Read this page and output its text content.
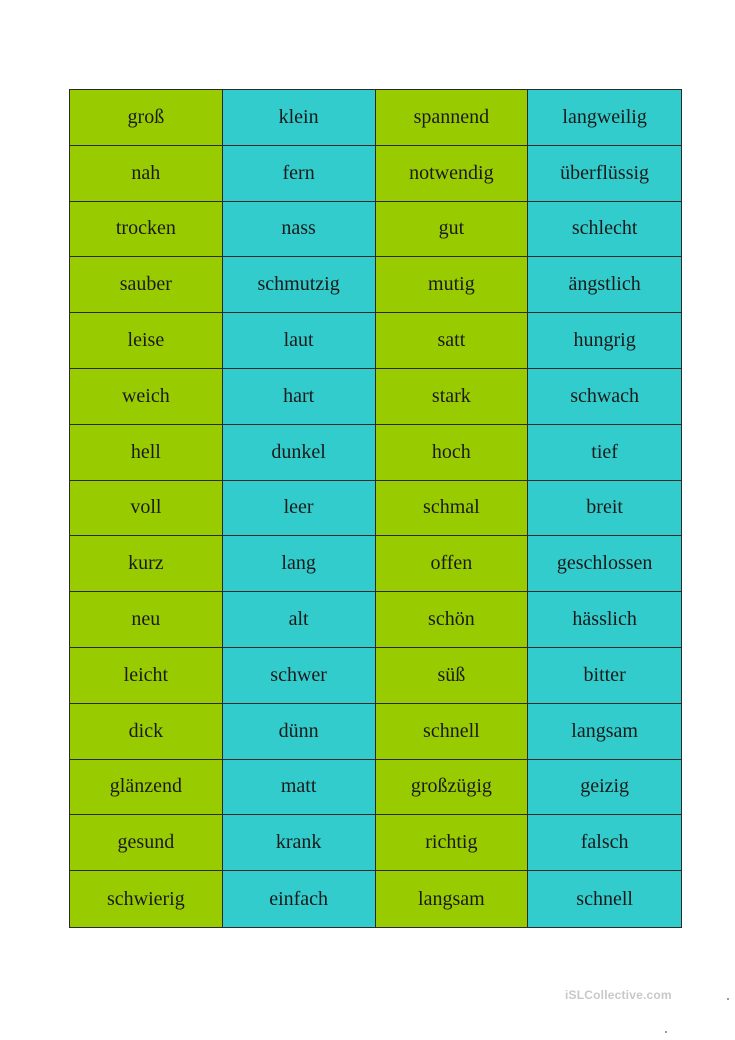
groß	klein	spannend	langweilig
nah	fern	notwendig	überflüssig
trocken	nass	gut	schlecht
sauber	schmutzig	mutig	ängstlich
leise	laut	satt	hungrig
weich	hart	stark	schwach
hell	dunkel	hoch	tief
voll	leer	schmal	breit
kurz	lang	offen	geschlossen
neu	alt	schön	hässlich
leicht	schwer	süß	bitter
dick	dünn	schnell	langsam
glänzend	matt	großzügig	geizig
gesund	krank	richtig	falsch
schwierig	einfach	langsam	schnell
iSLCollective.com
